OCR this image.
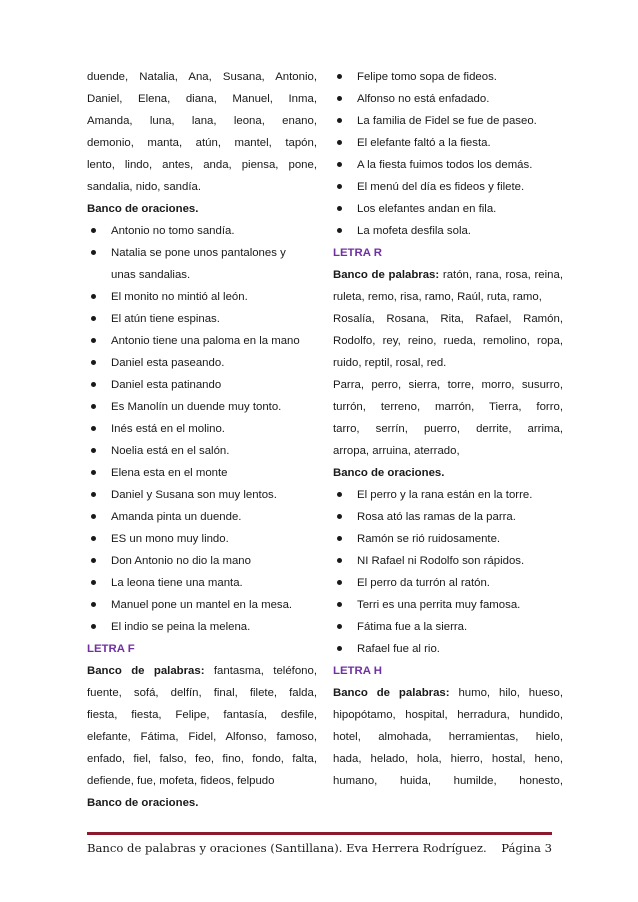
duende, Natalia, Ana, Susana, Antonio,
Daniel, Elena, diana, Manuel, Inma,
Amanda, luna, lana, leona, enano,
demonio, manta, atún, mantel, tapón,
lento, lindo, antes, anda, piensa, pone,
sandalia, nido, sandía.
Banco de oraciones.
Antonio no tomo sandía.
Natalia se pone unos pantalones y
unas sandalias.
El monito no mintió al león.
El atún tiene espinas.
Antonio tiene una paloma en la mano
Daniel esta paseando.
Daniel esta patinando
Es Manolín un duende muy tonto.
Inés está en el molino.
Noelia está en el salón.
Elena esta en el monte
Daniel y Susana son muy lentos.
Amanda pinta un duende.
ES un mono muy lindo.
Don Antonio no dio la mano
La leona tiene una manta.
Manuel pone un mantel en la mesa.
El indio se peina la melena.
LETRA F
Banco de palabras: fantasma, teléfono,
fuente, sofá, delfín, final, filete, falda,
fiesta, fiesta, Felipe, fantasía, desfile,
elefante, Fátima, Fidel, Alfonso, famoso,
enfado, fiel, falso, feo, fino, fondo, falta,
defiende, fue, mofeta, fideos, felpudo
Banco de oraciones.
Felipe tomo sopa de fideos.
Alfonso no está enfadado.
La familia de Fidel se fue de paseo.
El elefante faltó a la fiesta.
A la fiesta fuimos todos los demás.
El menú del día es fideos y filete.
Los elefantes andan en fila.
La mofeta desfila sola.
LETRA R
Banco de palabras: ratón, rana, rosa, reina,
ruleta, remo, risa, ramo, Raúl, ruta, ramo,
Rosalía, Rosana, Rita, Rafael, Ramón,
Rodolfo, rey, reino, rueda, remolino, ropa,
ruido, reptil, rosal, red.
Parra, perro, sierra, torre, morro, susurro,
turrón, terreno, marrón, Tierra, forro,
tarro, serrín, puerro, derrite, arrima,
arropa, arruina, aterrado,
Banco de oraciones.
El perro y la rana están en la torre.
Rosa ató las ramas de la parra.
Ramón se rió ruidosamente.
NI Rafael ni Rodolfo son rápidos.
El perro da turrón al ratón.
Terri es una perrita muy famosa.
Fátima fue a la sierra.
Rafael fue al rio.
LETRA H
Banco de palabras: humo, hilo, hueso,
hipopótamo, hospital, herradura, hundido,
hotel, almohada, herramientas, hielo,
hada, helado, hola, hierro, hostal, heno,
humano, huida, humilde, honesto,
Banco de palabras y oraciones (Santillana). Eva Herrera Rodríguez. Página 3
